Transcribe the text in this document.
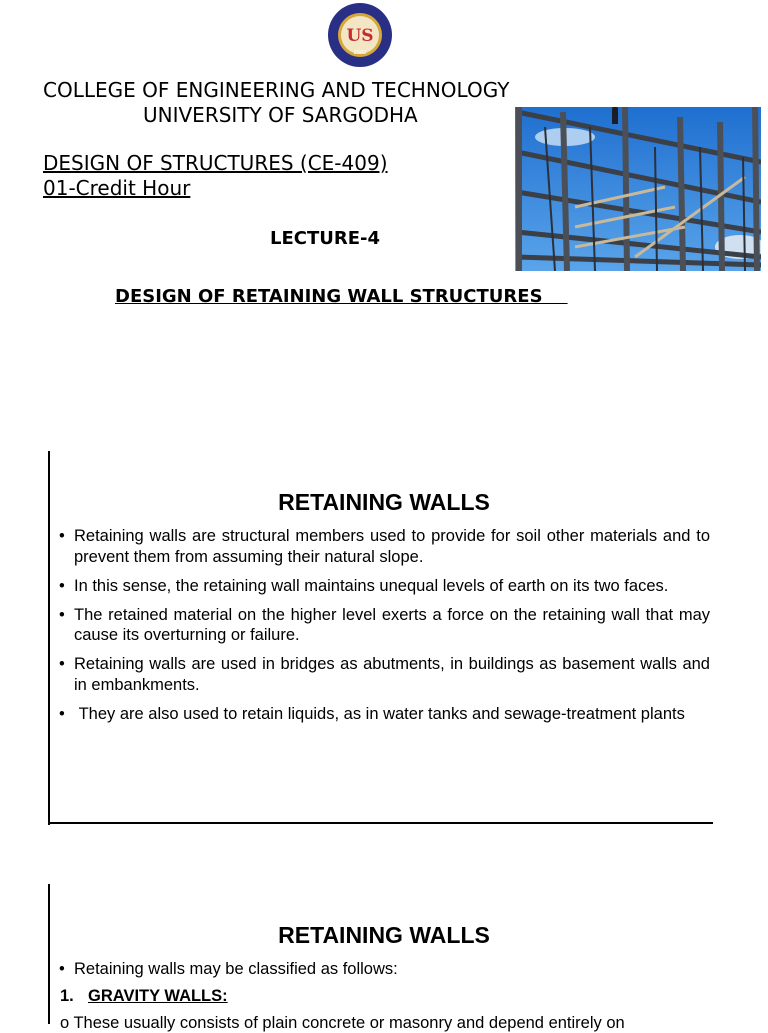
US
2002
COLLEGE OF ENGINEERING AND TECHNOLOGY
UNIVERSITY OF SARGODHA
DESIGN OF STRUCTURES (CE-409)
01-Credit Hour
LECTURE-4
DESIGN OF RETAINING WALL STRUCTURES
RETAINING WALLS
• Retaining walls are structural members used to provide for soil other materials and to prevent them from assuming their natural slope.
• In this sense, the retaining wall maintains unequal levels of earth on its two faces.
• The retained material on the higher level exerts a force on the retaining wall that may cause its overturning or failure.
• Retaining walls are used in bridges as abutments, in buildings as basement walls and in embankments.
•  They are also used to retain liquids, as in water tanks and sewage-treatment plants
RETAINING WALLS
• Retaining walls may be classified as follows:
1. GRAVITY WALLS:
o These usually consists of plain concrete or masonry and depend entirely on
